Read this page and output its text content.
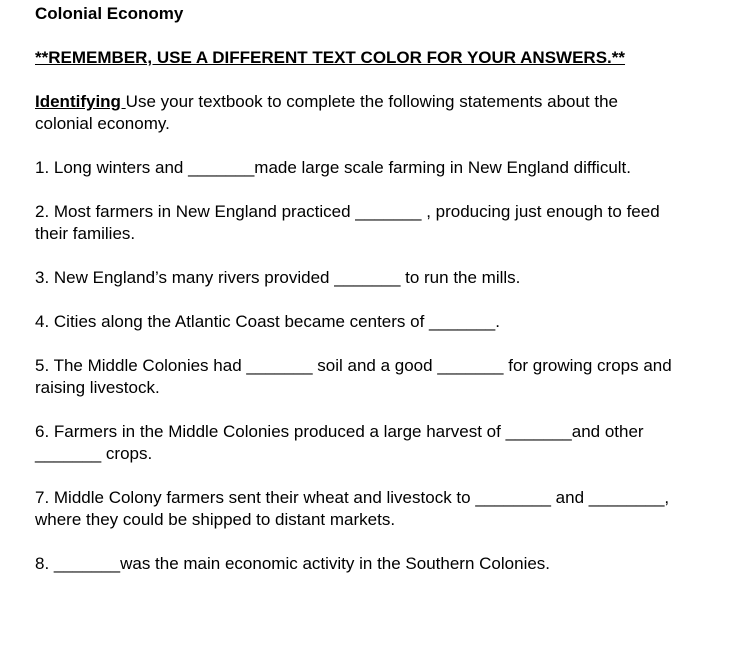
Colonial Economy

**REMEMBER, USE A DIFFERENT TEXT COLOR FOR YOUR ANSWERS.**

Identifying Use your textbook to complete the following statements about the colonial economy.

1. Long winters and _______made large scale farming in New England difficult.

2. Most farmers in New England practiced _______ , producing just enough to feed their families.

3. New England’s many rivers provided _______ to run the mills.

4. Cities along the Atlantic Coast became centers of _______.

5. The Middle Colonies had _______ soil and a good _______ for growing crops and raising livestock.

6. Farmers in the Middle Colonies produced a large harvest of _______and other _______ crops.

7. Middle Colony farmers sent their wheat and livestock to ________ and ________, where they could be shipped to distant markets.

8. _______was the main economic activity in the Southern Colonies.
